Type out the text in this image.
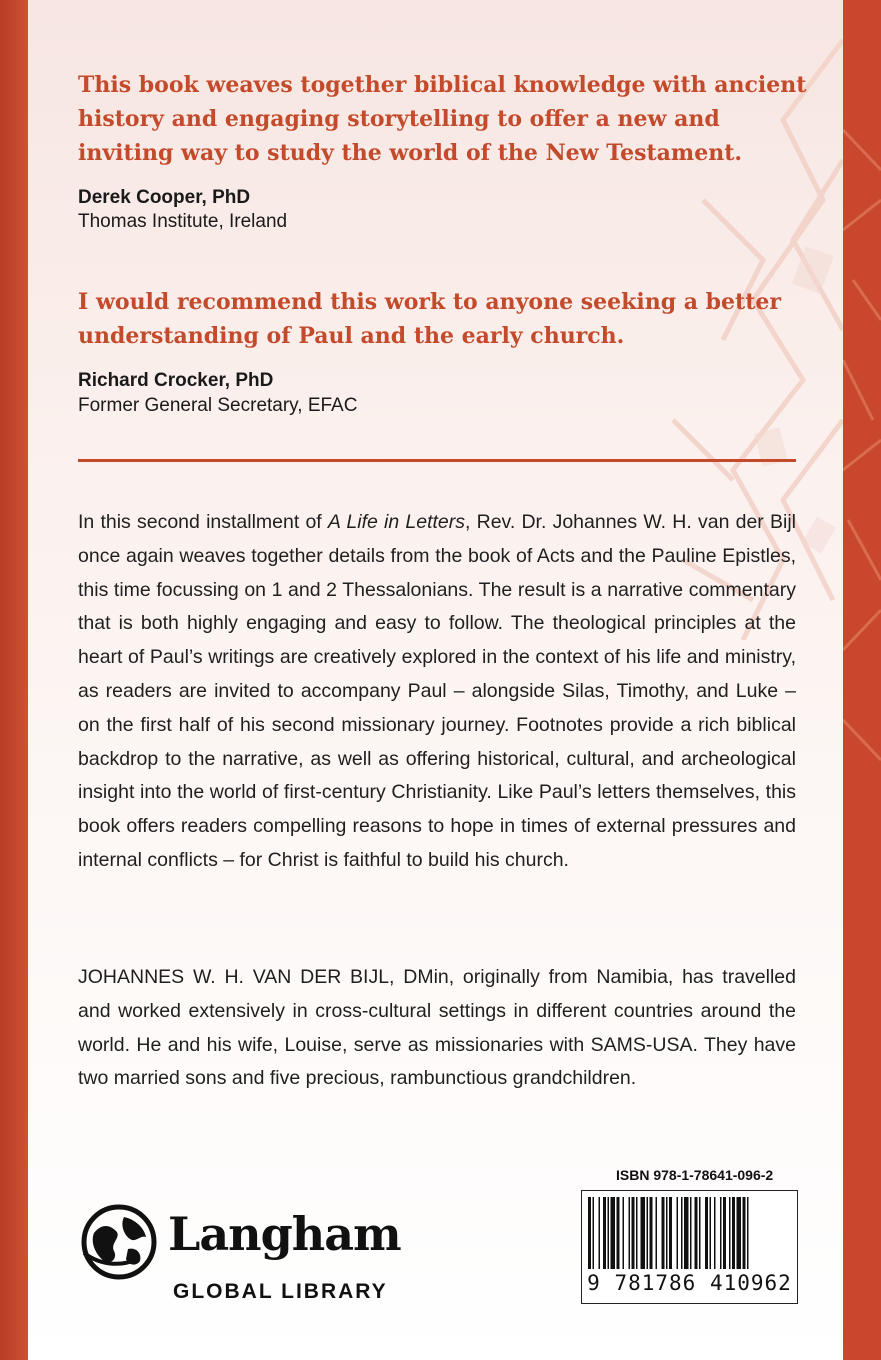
This book weaves together biblical knowledge with ancient history and engaging storytelling to offer a new and inviting way to study the world of the New Testament.
Derek Cooper, PhD
Thomas Institute, Ireland
I would recommend this work to anyone seeking a better understanding of Paul and the early church.
Richard Crocker, PhD
Former General Secretary, EFAC
In this second installment of A Life in Letters, Rev. Dr. Johannes W. H. van der Bijl once again weaves together details from the book of Acts and the Pauline Epistles, this time focussing on 1 and 2 Thessalonians. The result is a narrative commentary that is both highly engaging and easy to follow. The theological principles at the heart of Paul’s writings are creatively explored in the context of his life and ministry, as readers are invited to accompany Paul – alongside Silas, Timothy, and Luke – on the first half of his second missionary journey. Footnotes provide a rich biblical backdrop to the narrative, as well as offering historical, cultural, and archeological insight into the world of first-century Christianity. Like Paul’s letters themselves, this book offers readers compelling reasons to hope in times of external pressures and internal conflicts – for Christ is faithful to build his church.
JOHANNES W. H. VAN DER BIJL, DMin, originally from Namibia, has travelled and worked extensively in cross-cultural settings in different countries around the world. He and his wife, Louise, serve as missionaries with SAMS-USA. They have two married sons and five precious, rambunctious grandchildren.
Langham
GLOBAL LIBRARY
ISBN 978-1-78641-096-2
9 781786 410962
